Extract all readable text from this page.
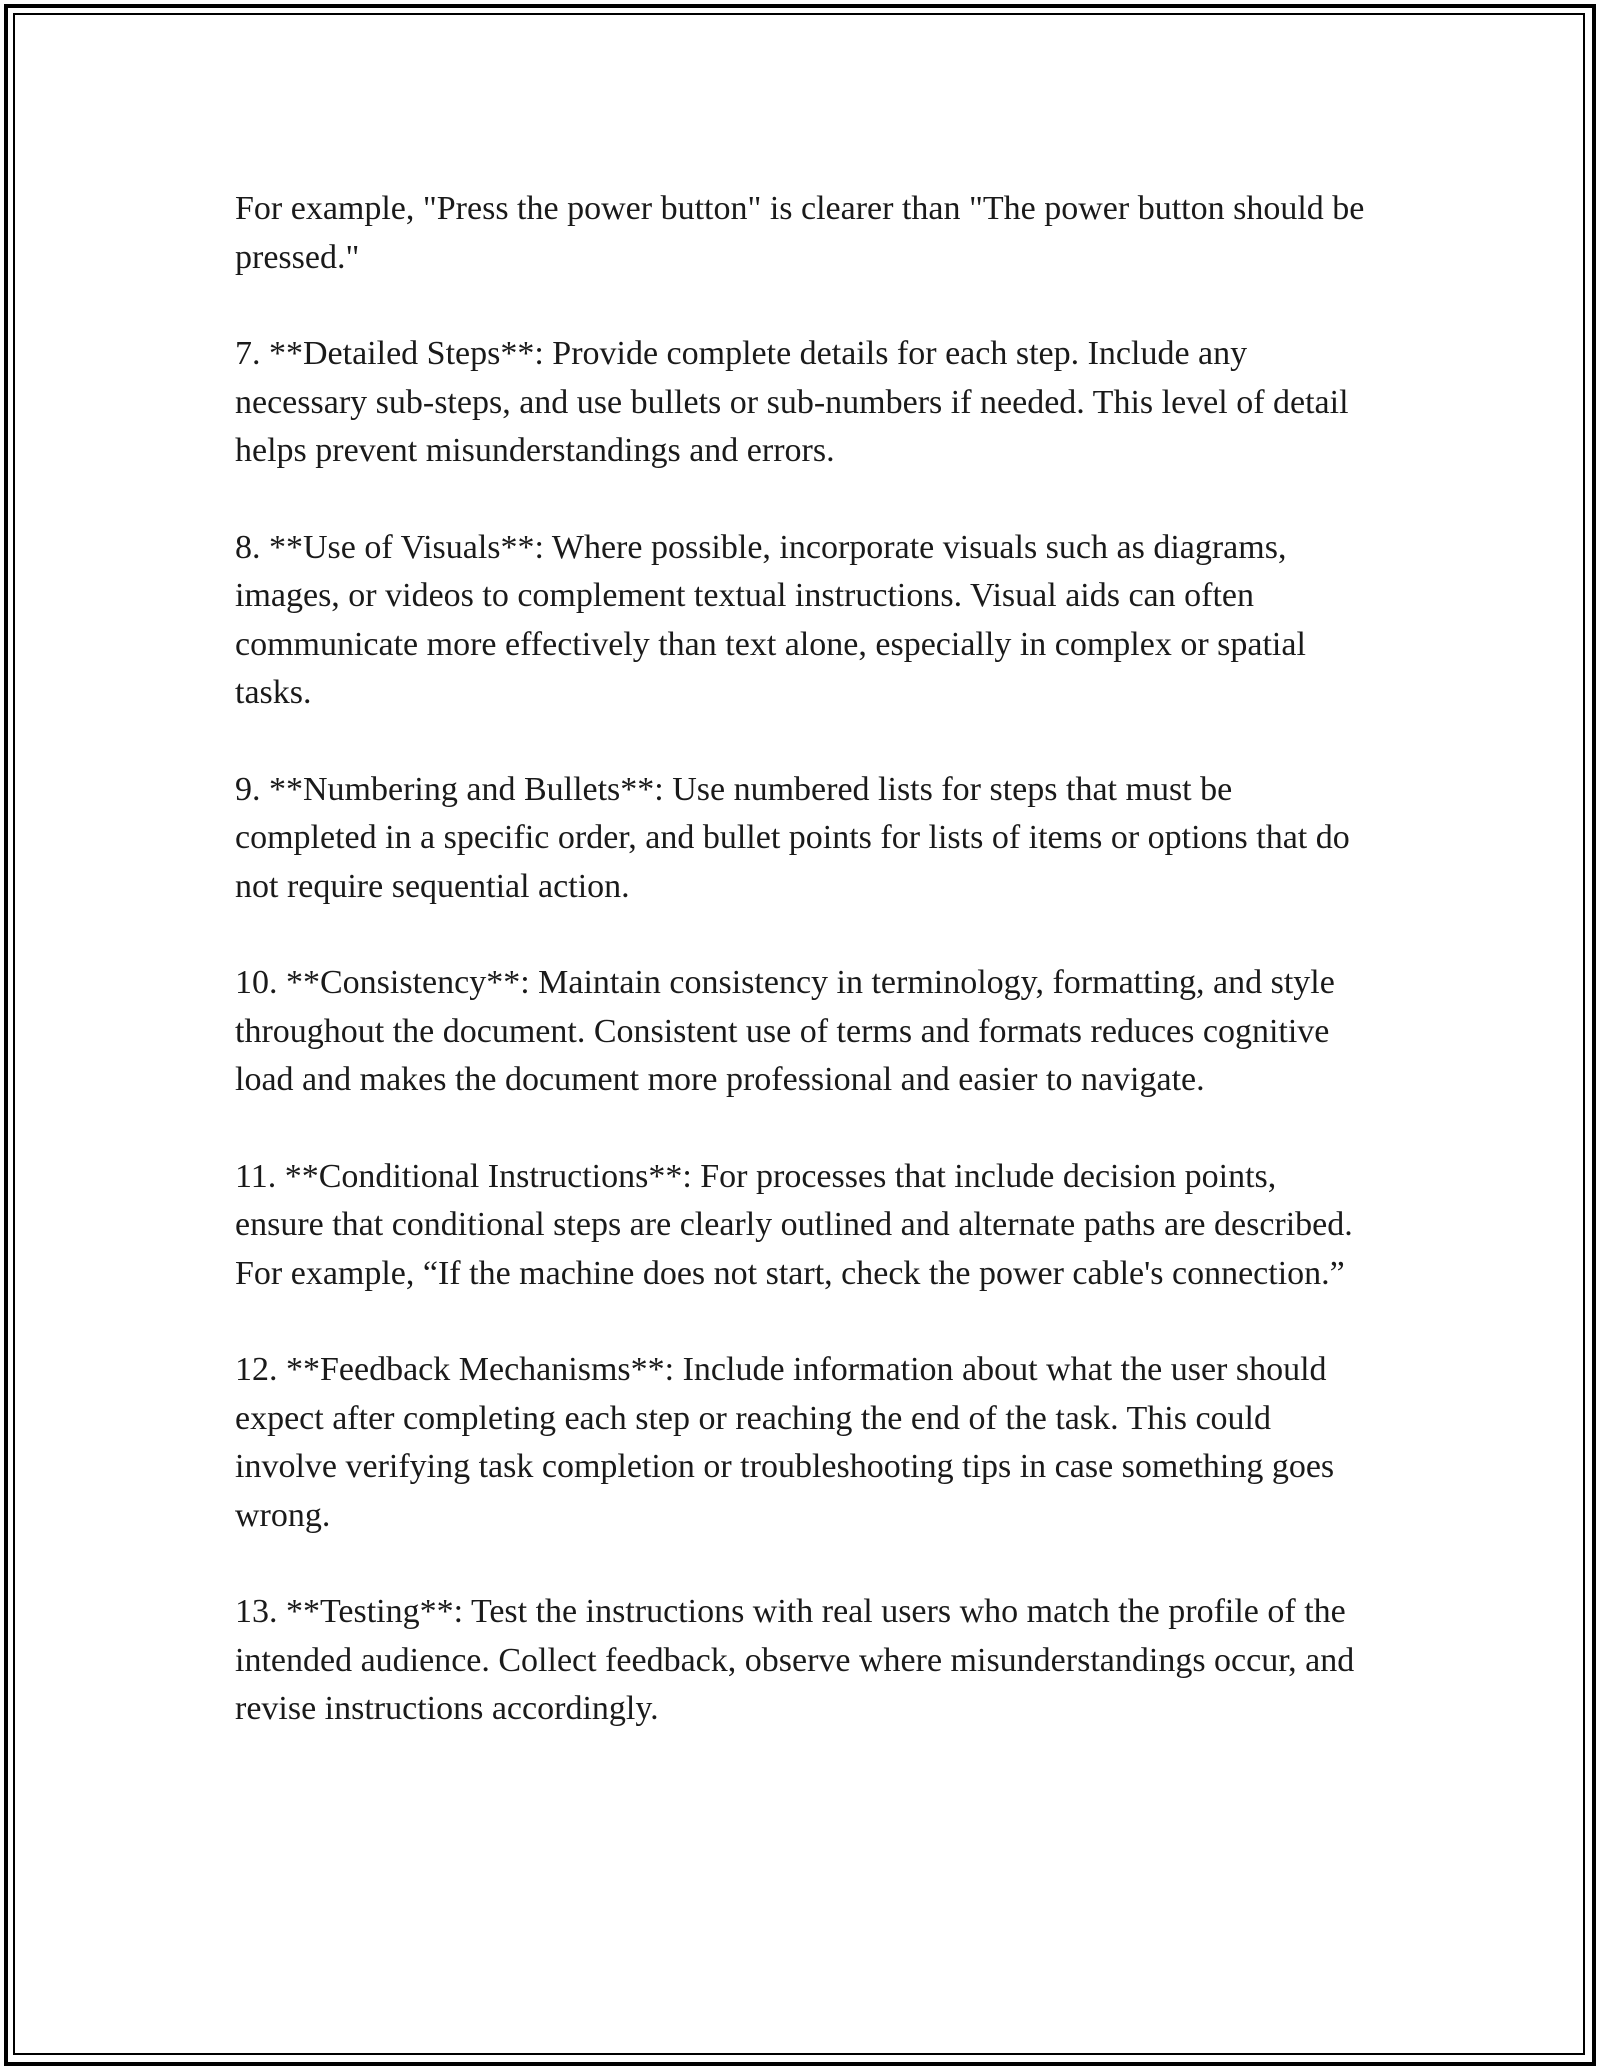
For example, "Press the power button" is clearer than "The power button should be pressed."

7. **Detailed Steps**: Provide complete details for each step. Include any necessary sub-steps, and use bullets or sub-numbers if needed. This level of detail helps prevent misunderstandings and errors.

8. **Use of Visuals**: Where possible, incorporate visuals such as diagrams, images, or videos to complement textual instructions. Visual aids can often communicate more effectively than text alone, especially in complex or spatial tasks.

9. **Numbering and Bullets**: Use numbered lists for steps that must be completed in a specific order, and bullet points for lists of items or options that do not require sequential action.

10. **Consistency**: Maintain consistency in terminology, formatting, and style throughout the document. Consistent use of terms and formats reduces cognitive load and makes the document more professional and easier to navigate.

11. **Conditional Instructions**: For processes that include decision points, ensure that conditional steps are clearly outlined and alternate paths are described. For example, “If the machine does not start, check the power cable's connection.”

12. **Feedback Mechanisms**: Include information about what the user should expect after completing each step or reaching the end of the task. This could involve verifying task completion or troubleshooting tips in case something goes wrong.

13. **Testing**: Test the instructions with real users who match the profile of the intended audience. Collect feedback, observe where misunderstandings occur, and revise instructions accordingly.
